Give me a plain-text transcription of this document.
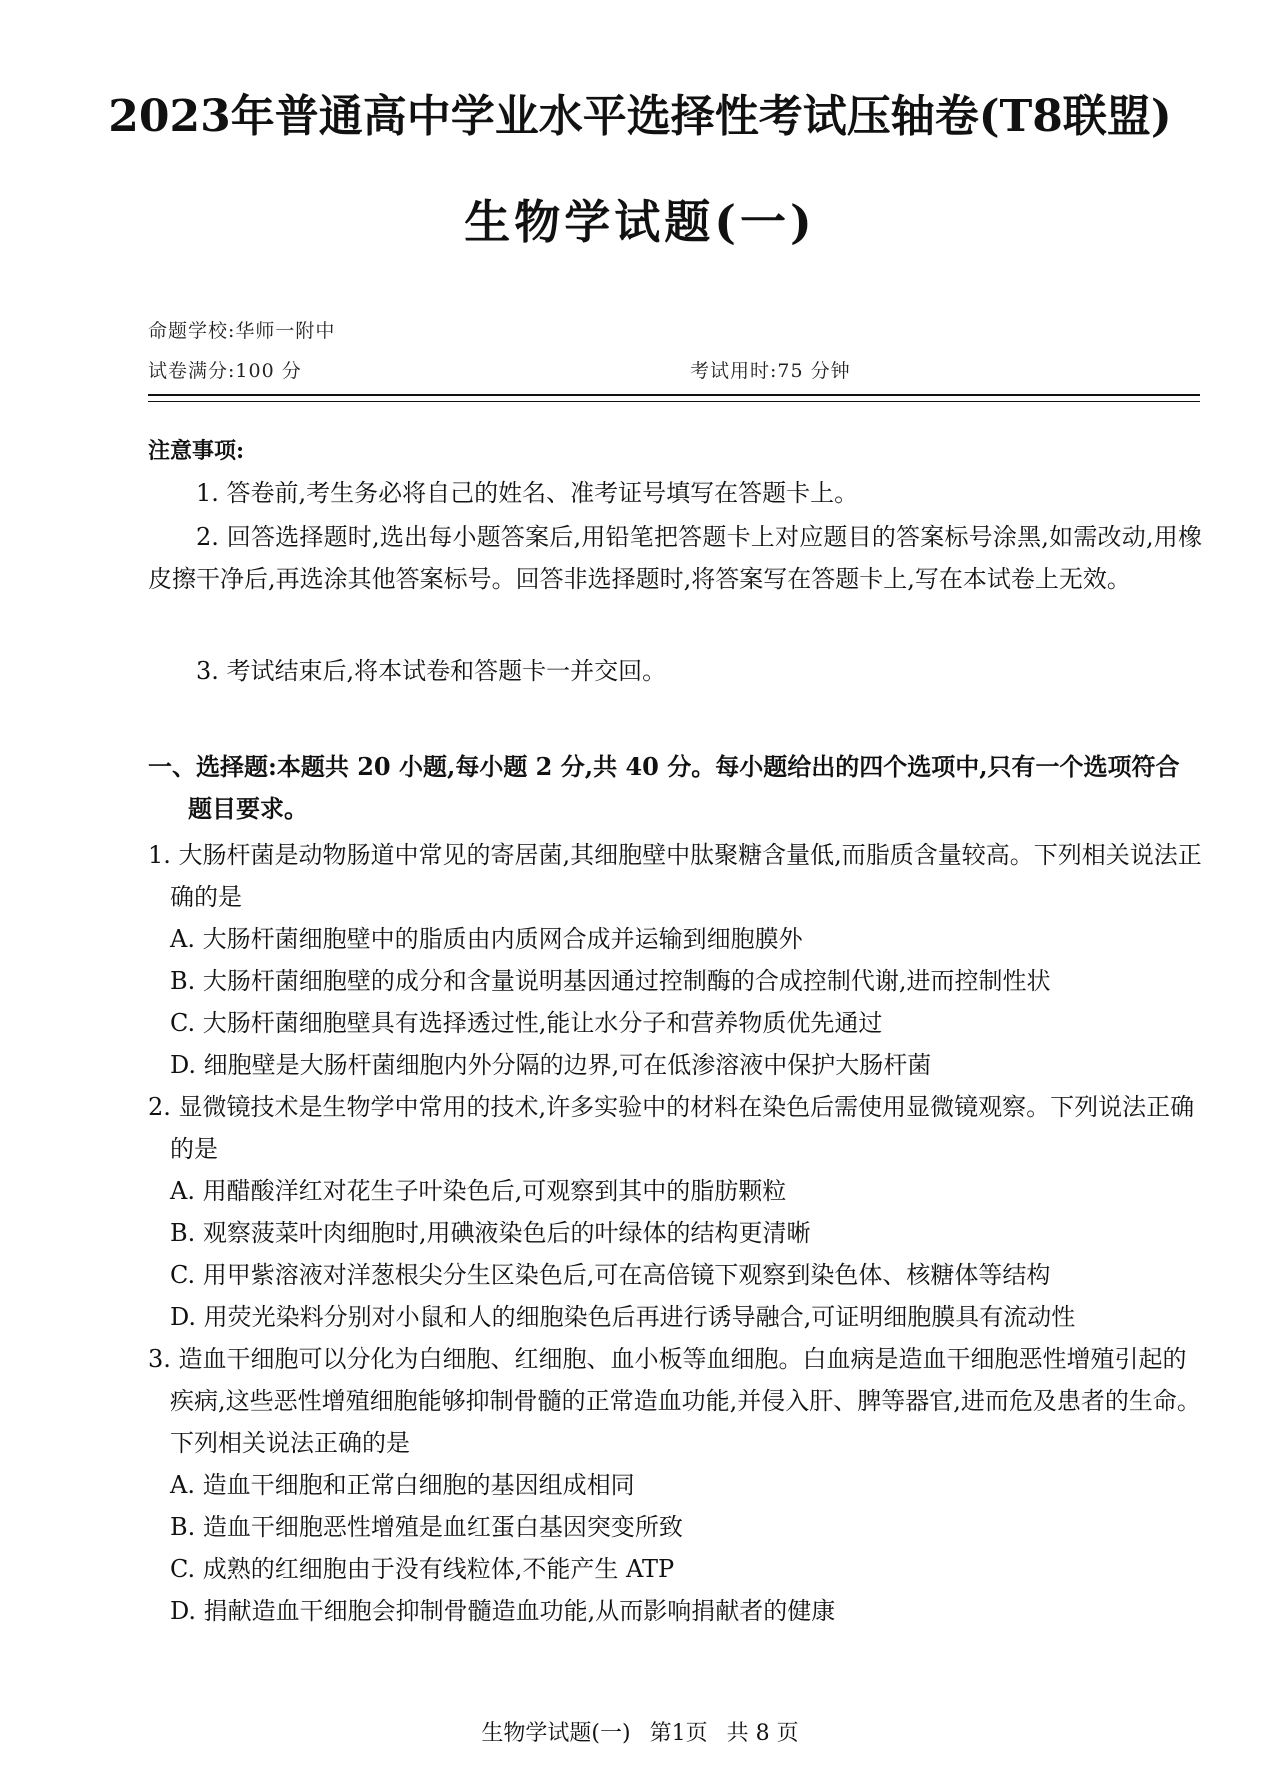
2023年普通高中学业水平选择性考试压轴卷(T8联盟)
生物学试题(一)
命题学校:华师一附中
试卷满分:100 分	考试用时:75 分钟
注意事项:
1. 答卷前,考生务必将自己的姓名、准考证号填写在答题卡上。
2. 回答选择题时,选出每小题答案后,用铅笔把答题卡上对应题目的答案标号涂黑,如需改动,用橡皮擦干净后,再选涂其他答案标号。回答非选择题时,将答案写在答题卡上,写在本试卷上无效。
3. 考试结束后,将本试卷和答题卡一并交回。
一、选择题:本题共 20 小题,每小题 2 分,共 40 分。每小题给出的四个选项中,只有一个选项符合题目要求。
1. 大肠杆菌是动物肠道中常见的寄居菌,其细胞壁中肽聚糖含量低,而脂质含量较高。下列相关说法正确的是
A. 大肠杆菌细胞壁中的脂质由内质网合成并运输到细胞膜外
B. 大肠杆菌细胞壁的成分和含量说明基因通过控制酶的合成控制代谢,进而控制性状
C. 大肠杆菌细胞壁具有选择透过性,能让水分子和营养物质优先通过
D. 细胞壁是大肠杆菌细胞内外分隔的边界,可在低渗溶液中保护大肠杆菌
2. 显微镜技术是生物学中常用的技术,许多实验中的材料在染色后需使用显微镜观察。下列说法正确的是
A. 用醋酸洋红对花生子叶染色后,可观察到其中的脂肪颗粒
B. 观察菠菜叶肉细胞时,用碘液染色后的叶绿体的结构更清晰
C. 用甲紫溶液对洋葱根尖分生区染色后,可在高倍镜下观察到染色体、核糖体等结构
D. 用荧光染料分别对小鼠和人的细胞染色后再进行诱导融合,可证明细胞膜具有流动性
3. 造血干细胞可以分化为白细胞、红细胞、血小板等血细胞。白血病是造血干细胞恶性增殖引起的疾病,这些恶性增殖细胞能够抑制骨髓的正常造血功能,并侵入肝、脾等器官,进而危及患者的生命。下列相关说法正确的是
A. 造血干细胞和正常白细胞的基因组成相同
B. 造血干细胞恶性增殖是血红蛋白基因突变所致
C. 成熟的红细胞由于没有线粒体,不能产生 ATP
D. 捐献造血干细胞会抑制骨髓造血功能,从而影响捐献者的健康
生物学试题(一) 第1页 共 8 页
